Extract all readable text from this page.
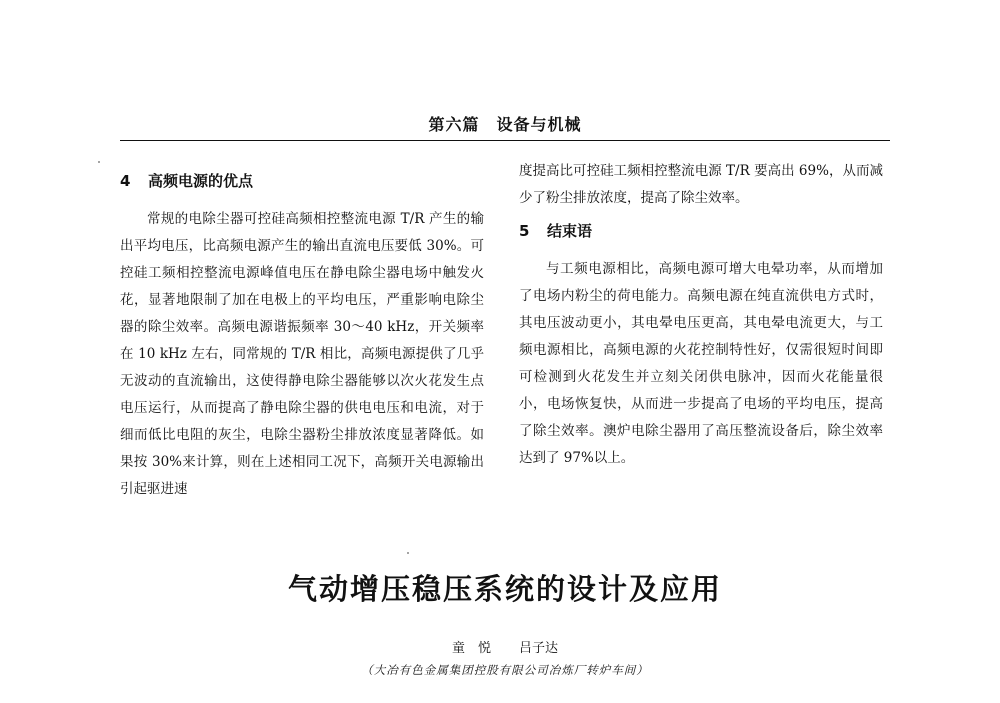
第六篇　设备与机械
4 高频电源的优点

常规的电除尘器可控硅高频相控整流电源 T/R 产生的输出平均电压，比高频电源产生的输出直流电压要低 30%。可控硅工频相控整流电源峰值电压在静电除尘器电场中触发火花，显著地限制了加在电极上的平均电压，严重影响电除尘器的除尘效率。高频电源谐振频率 30～40 kHz，开关频率在 10 kHz 左右，同常规的 T/R 相比，高频电源提供了几乎无波动的直流输出，这使得静电除尘器能够以次火花发生点电压运行，从而提高了静电除尘器的供电电压和电流，对于细而低比电阻的灰尘，电除尘器粉尘排放浓度显著降低。如果按 30%来计算，则在上述相同工况下，高频开关电源输出引起驱进速

度提高比可控硅工频相控整流电源 T/R 要高出 69%，从而减少了粉尘排放浓度，提高了除尘效率。

5 结束语

与工频电源相比，高频电源可增大电晕功率，从而增加了电场内粉尘的荷电能力。高频电源在纯直流供电方式时，其电压波动更小，其电晕电压更高，其电晕电流更大，与工频电源相比，高频电源的火花控制特性好，仅需很短时间即可检测到火花发生并立刻关闭供电脉冲，因而火花能量很小，电场恢复快，从而进一步提高了电场的平均电压，提高了除尘效率。澳炉电除尘器用了高压整流设备后，除尘效率达到了 97%以上。

气动增压稳压系统的设计及应用
童　悦 吕子达
（大冶有色金属集团控股有限公司冶炼厂转炉车间）
